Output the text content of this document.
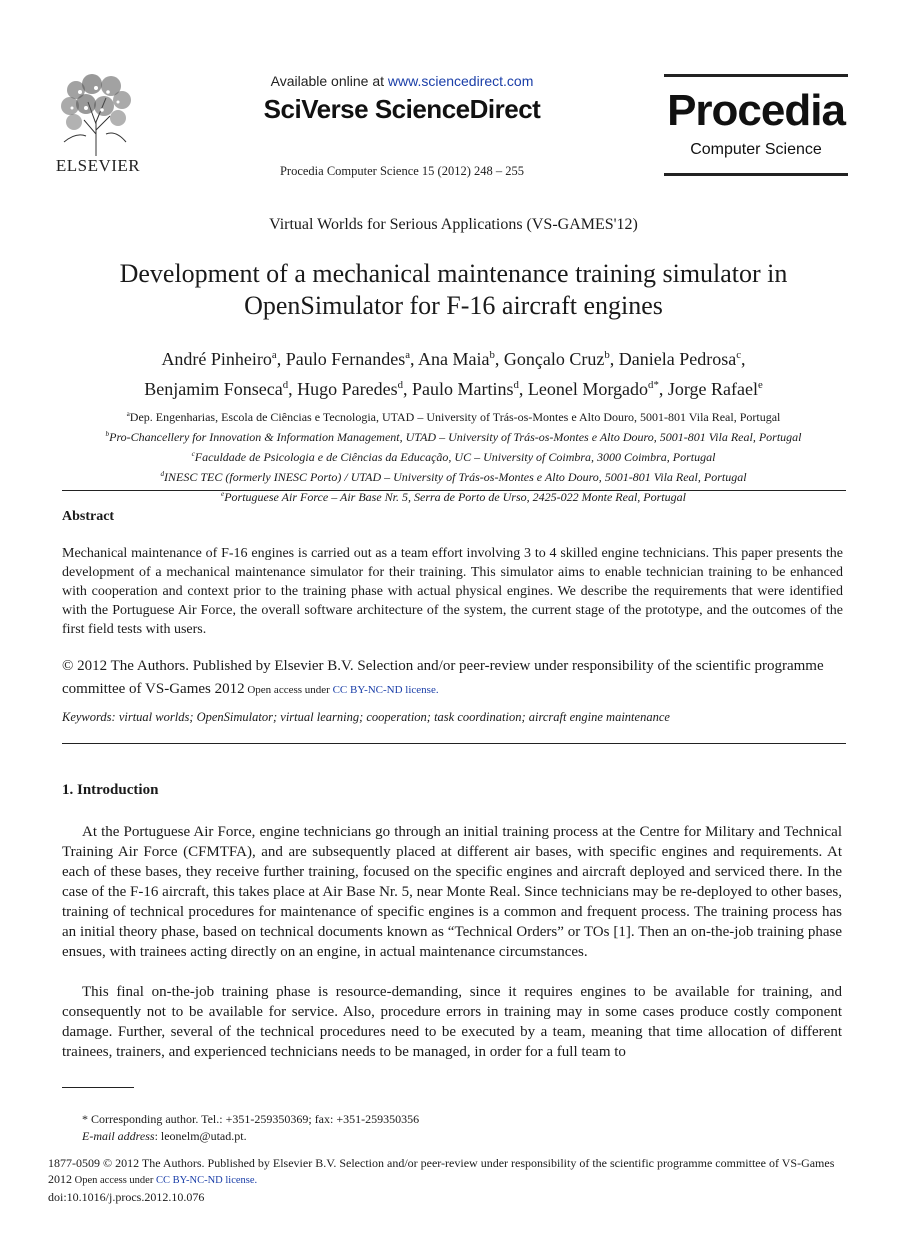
ELSEVIER
Available online at www.sciencedirect.com
SciVerse ScienceDirect
Procedia Computer Science 15 (2012) 248 – 255
Procedia
Computer Science
Virtual Worlds for Serious Applications (VS-GAMES'12)
Development of a mechanical maintenance training simulator in
OpenSimulator for F-16 aircraft engines
André Pinheiro$^a$, Paulo Fernandes$^a$, Ana Maia$^b$, Gonçalo Cruz$^b$, Daniela Pedrosa$^c$,
Benjamim Fonseca$^d$, Hugo Paredes$^d$, Paulo Martins$^d$, Leonel Morgado$^{d*}$, Jorge Rafael$^e$
$^a$Dep. Engenharias, Escola de Ciências e Tecnologia, UTAD – University of Trás-os-Montes e Alto Douro, 5001-801 Vila Real, Portugal
$^b$Pro-Chancellery for Innovation & Information Management, UTAD – University of Trás-os-Montes e Alto Douro, 5001-801 Vila Real, Portugal
$^c$Faculdade de Psicologia e de Ciências da Educação, UC – University of Coimbra, 3000 Coimbra, Portugal
$^d$INESC TEC (formerly INESC Porto) / UTAD – University of Trás-os-Montes e Alto Douro, 5001-801 Vila Real, Portugal
$^e$Portuguese Air Force – Air Base Nr. 5, Serra de Porto de Urso, 2425-022 Monte Real, Portugal
Abstract
Mechanical maintenance of F-16 engines is carried out as a team effort involving 3 to 4 skilled engine technicians. This paper presents the development of a mechanical maintenance simulator for their training. This simulator aims to enable technician training to be enhanced with cooperation and context prior to the training phase with actual physical engines. We describe the requirements that were identified with the Portuguese Air Force, the overall software architecture of the system, the current stage of the prototype, and the outcomes of the first field tests with users.
© 2012 The Authors. Published by Elsevier B.V. Selection and/or peer-review under responsibility of the scientific programme committee of VS-Games 2012 Open access under CC BY-NC-ND license.
Keywords: virtual worlds; OpenSimulator; virtual learning; cooperation; task coordination; aircraft engine maintenance
1. Introduction
At the Portuguese Air Force, engine technicians go through an initial training process at the Centre for Military and Technical Training Air Force (CFMTFA), and are subsequently placed at different air bases, with specific engines and requirements. At each of these bases, they receive further training, focused on the specific engines and aircraft deployed and serviced there. In the case of the F-16 aircraft, this takes place at Air Base Nr. 5, near Monte Real. Since technicians may be re-deployed to other bases, training of technical procedures for maintenance of specific engines is a common and frequent process. The training process has an initial theory phase, based on technical documents known as “Technical Orders” or TOs [1]. Then an on-the-job training phase ensues, with trainees acting directly on an engine, in actual maintenance circumstances.
This final on-the-job training phase is resource-demanding, since it requires engines to be available for training, and consequently not to be available for service. Also, procedure errors in training may in some cases produce costly component damage. Further, several of the technical procedures need to be executed by a team, meaning that time allocation of different trainees, trainers, and experienced technicians needs to be managed, in order for a full team to
* Corresponding author. Tel.: +351-259350369; fax: +351-259350356
E-mail address: leonelm@utad.pt.
1877-0509 © 2012 The Authors. Published by Elsevier B.V. Selection and/or peer-review under responsibility of the scientific programme committee of VS-Games 2012 Open access under CC BY-NC-ND license.
doi:10.1016/j.procs.2012.10.076
